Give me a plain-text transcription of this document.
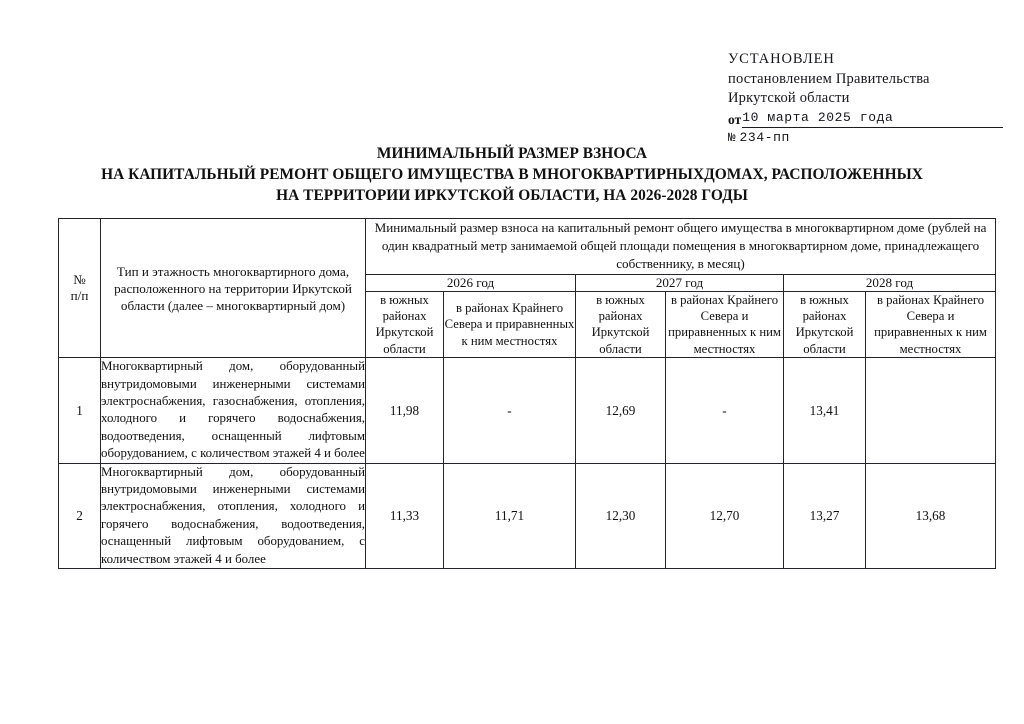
УСТАНОВЛЕН
постановлением Правительства
Иркутской области
от 10 марта 2025 года
№ 234-пп
МИНИМАЛЬНЫЙ РАЗМЕР ВЗНОСА
НА КАПИТАЛЬНЫЙ РЕМОНТ ОБЩЕГО ИМУЩЕСТВА В МНОГОКВАРТИРНЫХДОМАХ, РАСПОЛОЖЕННЫХ
НА ТЕРРИТОРИИ ИРКУТСКОЙ ОБЛАСТИ, НА 2026-2028 ГОДЫ
№
п/п	Тип и этажность многоквартирного дома, расположенного на территории Иркутской области (далее – многоквартирный дом)	Минимальный размер взноса на капитальный ремонт общего имущества в многоквартирном доме (рублей на один квадратный метр занимаемой общей площади помещения в многоквартирном доме, принадлежащего собственнику, в месяц)					
		2026 год		2027 год		2028 год	
		в южных районах Иркутской области	в районах Крайнего Севера и приравненных к ним местностях	в южных районах Иркутской области	в районах Крайнего Севера и приравненных к ним местностях	в южных районах Иркутской области	в районах Крайнего Севера и приравненных к ним местностях
1	Многоквартирный дом, оборудованный внутридомовыми инженерными системами электроснабжения, газоснабжения, отопления, холодного и горячего водоснабжения, водоотведения, оснащенный лифтовым оборудованием, с количеством этажей 4 и более	11,98	-	12,69	-	13,41	
2	Многоквартирный дом, оборудованный внутридомовыми инженерными системами электроснабжения, отопления, холодного и горячего водоснабжения, водоотведения, оснащенный лифтовым оборудованием, с количеством этажей 4 и более	11,33	11,71	12,30	12,70	13,27	13,68
